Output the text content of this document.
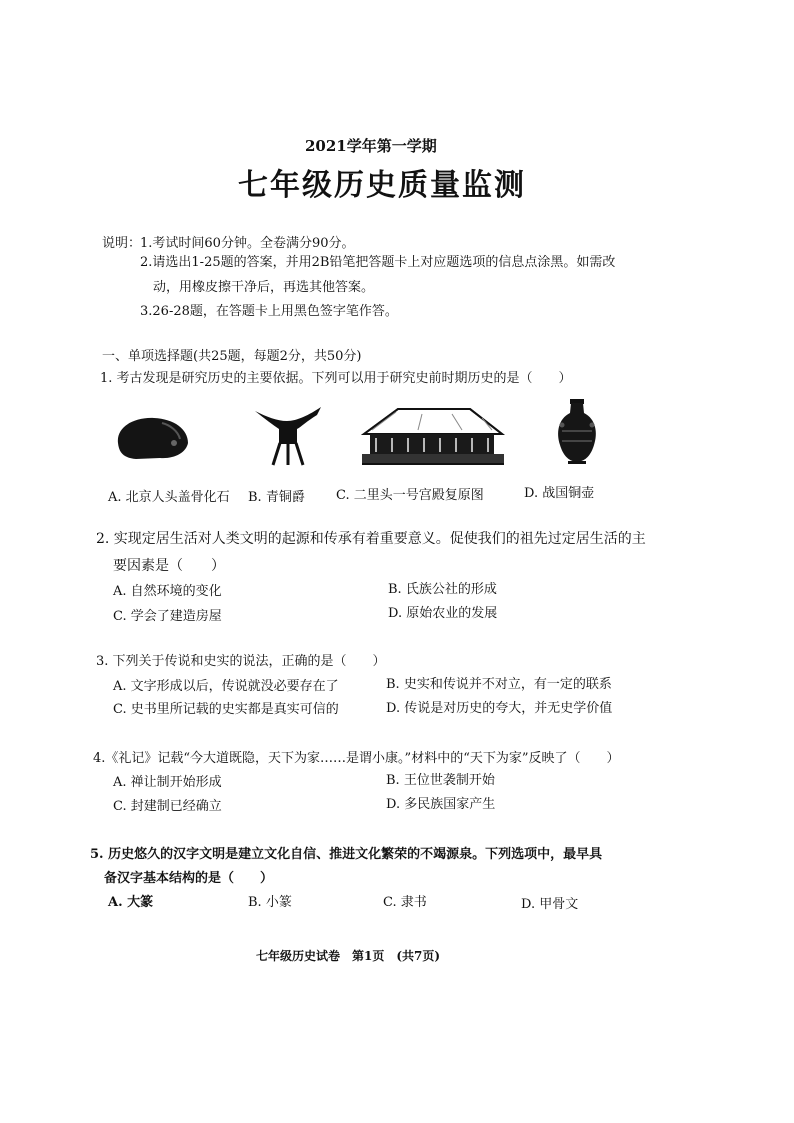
2021学年第一学期
七年级历史质量监测
说明：
1.考试时间60分钟。全卷满分90分。
2.请选出1-25题的答案，并用2B铅笔把答题卡上对应题选项的信息点涂黑。如需改
动，用橡皮擦干净后，再选其他答案。
3.26-28题，在答题卡上用黑色签字笔作答。
一、单项选择题(共25题，每题2分，共50分)
1. 考古发现是研究历史的主要依据。下列可以用于研究史前时期历史的是（　　）
A. 北京人头盖骨化石 B. 青铜爵 C. 二里头一号宫殿复原图	D. 战国铜壶
2. 实现定居生活对人类文明的起源和传承有着重要意义。促使我们的祖先过定居生活的主
要因素是（　　）
A. 自然环境的变化	B. 氏族公社的形成
C. 学会了建造房屋	D. 原始农业的发展
3. 下列关于传说和史实的说法，正确的是（　　）
A. 文字形成以后，传说就没必要存在了	B. 史实和传说并不对立，有一定的联系
C. 史书里所记载的史实都是真实可信的	D. 传说是对历史的夸大，并无史学价值
4.《礼记》记载“今大道既隐，天下为家……是谓小康。”材料中的“天下为家”反映了（　　）
A. 禅让制开始形成	B. 王位世袭制开始
C. 封建制已经确立	D. 多民族国家产生
5. 历史悠久的汉字文明是建立文化自信、推进文化繁荣的不竭源泉。下列选项中，最早具
备汉字基本结构的是（　　）
A. 大篆	B. 小篆	C. 隶书	D. 甲骨文
七年级历史试卷　第1页　(共7页)
